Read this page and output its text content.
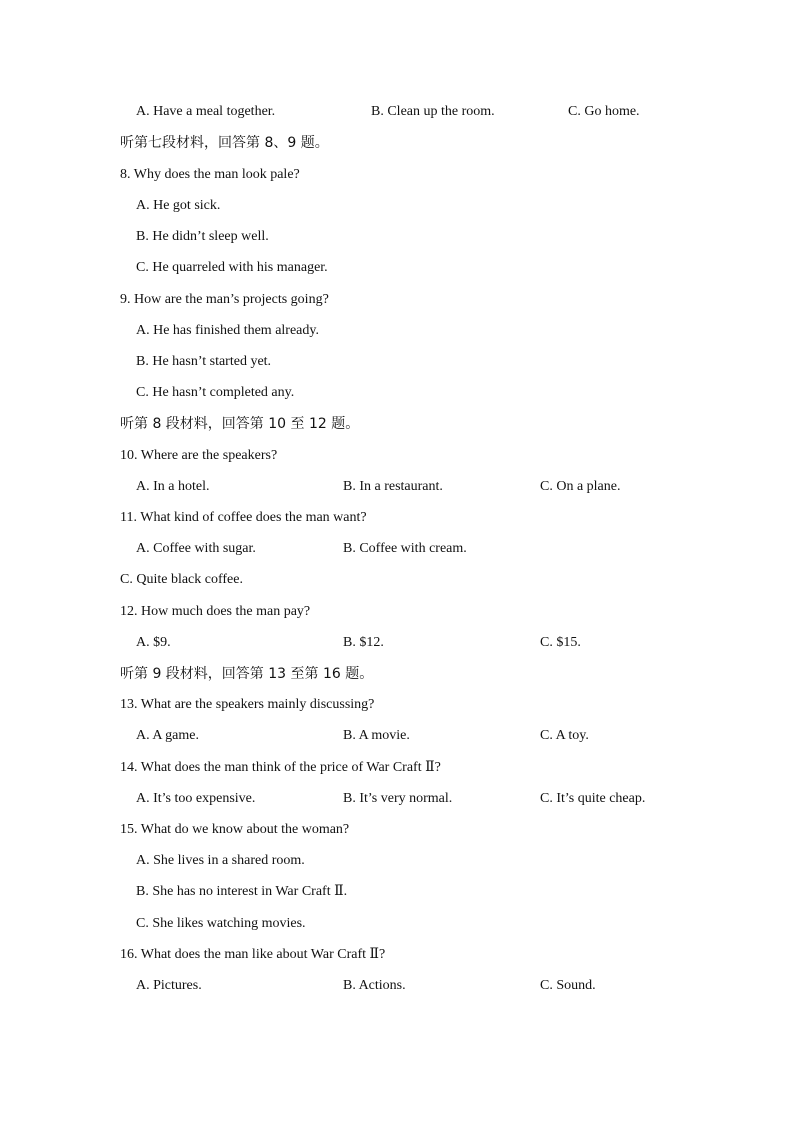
A. Have a meal together.	B. Clean up the room.	C. Go home.
听第七段材料，回答第 8、9 题。
8. Why does the man look pale?
A. He got sick.
B. He didn’t sleep well.
C. He quarreled with his manager.
9. How are the man’s projects going?
A. He has finished them already.
B. He hasn’t started yet.
C. He hasn’t completed any.
听第 8 段材料，回答第 10 至 12 题。
10. Where are the speakers?
A. In a hotel.	B. In a restaurant.	C. On a plane.
11. What kind of coffee does the man want?
A. Coffee with sugar.	B. Coffee with cream.
C. Quite black coffee.
12. How much does the man pay?
A. $9.	B. $12.	C. $15.
听第 9 段材料，回答第 13 至第 16 题。
13. What are the speakers mainly discussing?
A. A game.	B. A movie.	C. A toy.
14. What does the man think of the price of War Craft Ⅱ?
A. It’s too expensive.	B. It’s very normal.	C. It’s quite cheap.
15. What do we know about the woman?
A. She lives in a shared room.
B. She has no interest in War Craft Ⅱ.
C. She likes watching movies.
16. What does the man like about War Craft Ⅱ?
A. Pictures.	B. Actions.	C. Sound.
